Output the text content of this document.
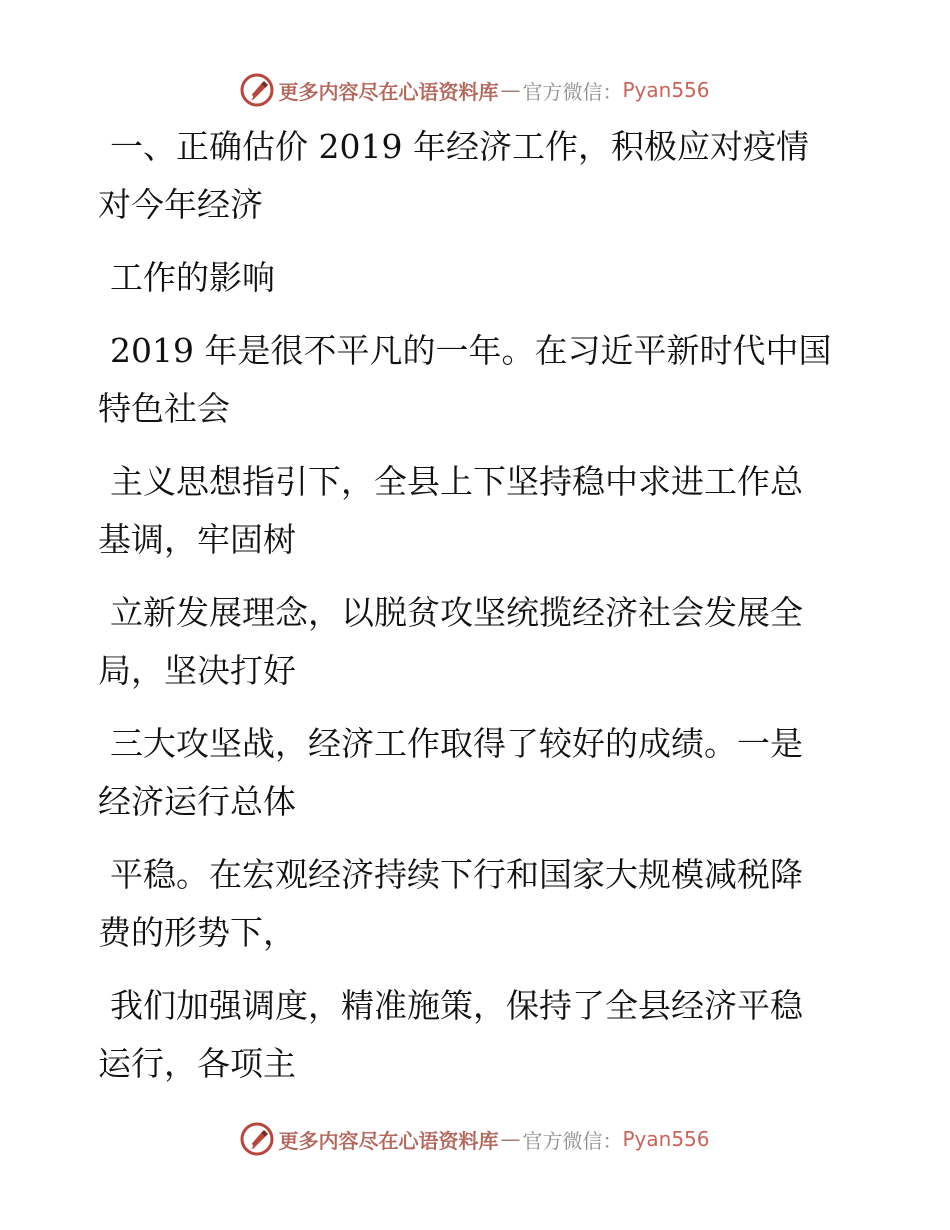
更多内容尽在心语资料库 — 官方微信： Pyan556

一、正确估价 2019 年经济工作，积极应对疫情
对今年经济

工作的影响

2019 年是很不平凡的一年。在习近平新时代中国
特色社会

主义思想指引下，全县上下坚持稳中求进工作总
基调，牢固树

立新发展理念，以脱贫攻坚统揽经济社会发展全
局，坚决打好

三大攻坚战，经济工作取得了较好的成绩。一是
经济运行总体

平稳。在宏观经济持续下行和国家大规模减税降
费的形势下，

我们加强调度，精准施策，保持了全县经济平稳
运行，各项主

更多内容尽在心语资料库 — 官方微信： Pyan556
